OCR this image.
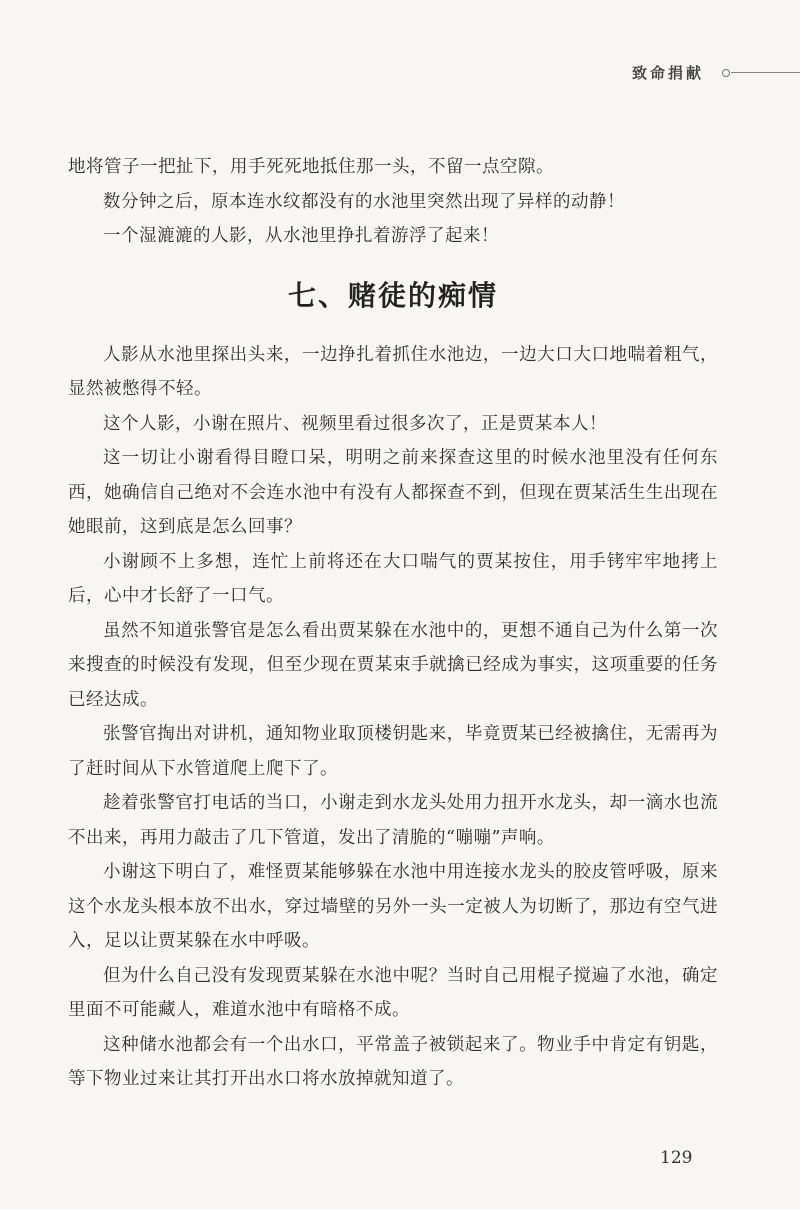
致命捐献

地将管子一把扯下，用手死死地抵住那一头，不留一点空隙。

数分钟之后，原本连水纹都没有的水池里突然出现了异样的动静！

一个湿漉漉的人影，从水池里挣扎着游浮了起来！

七、赌徒的痴情

人影从水池里探出头来，一边挣扎着抓住水池边，一边大口大口地喘着粗气，显然被憋得不轻。

这个人影，小谢在照片、视频里看过很多次了，正是贾某本人！

这一切让小谢看得目瞪口呆，明明之前来探查这里的时候水池里没有任何东西，她确信自己绝对不会连水池中有没有人都探查不到，但现在贾某活生生出现在她眼前，这到底是怎么回事？

小谢顾不上多想，连忙上前将还在大口喘气的贾某按住，用手铐牢牢地拷上后，心中才长舒了一口气。

虽然不知道张警官是怎么看出贾某躲在水池中的，更想不通自己为什么第一次来搜查的时候没有发现，但至少现在贾某束手就擒已经成为事实，这项重要的任务已经达成。

张警官掏出对讲机，通知物业取顶楼钥匙来，毕竟贾某已经被擒住，无需再为了赶时间从下水管道爬上爬下了。

趁着张警官打电话的当口，小谢走到水龙头处用力扭开水龙头，却一滴水也流不出来，再用力敲击了几下管道，发出了清脆的“嘣嘣”声响。

小谢这下明白了，难怪贾某能够躲在水池中用连接水龙头的胶皮管呼吸，原来这个水龙头根本放不出水，穿过墙壁的另外一头一定被人为切断了，那边有空气进入，足以让贾某躲在水中呼吸。

但为什么自己没有发现贾某躲在水池中呢？当时自己用棍子搅遍了水池，确定里面不可能藏人，难道水池中有暗格不成。

这种储水池都会有一个出水口，平常盖子被锁起来了。物业手中肯定有钥匙，等下物业过来让其打开出水口将水放掉就知道了。

129
